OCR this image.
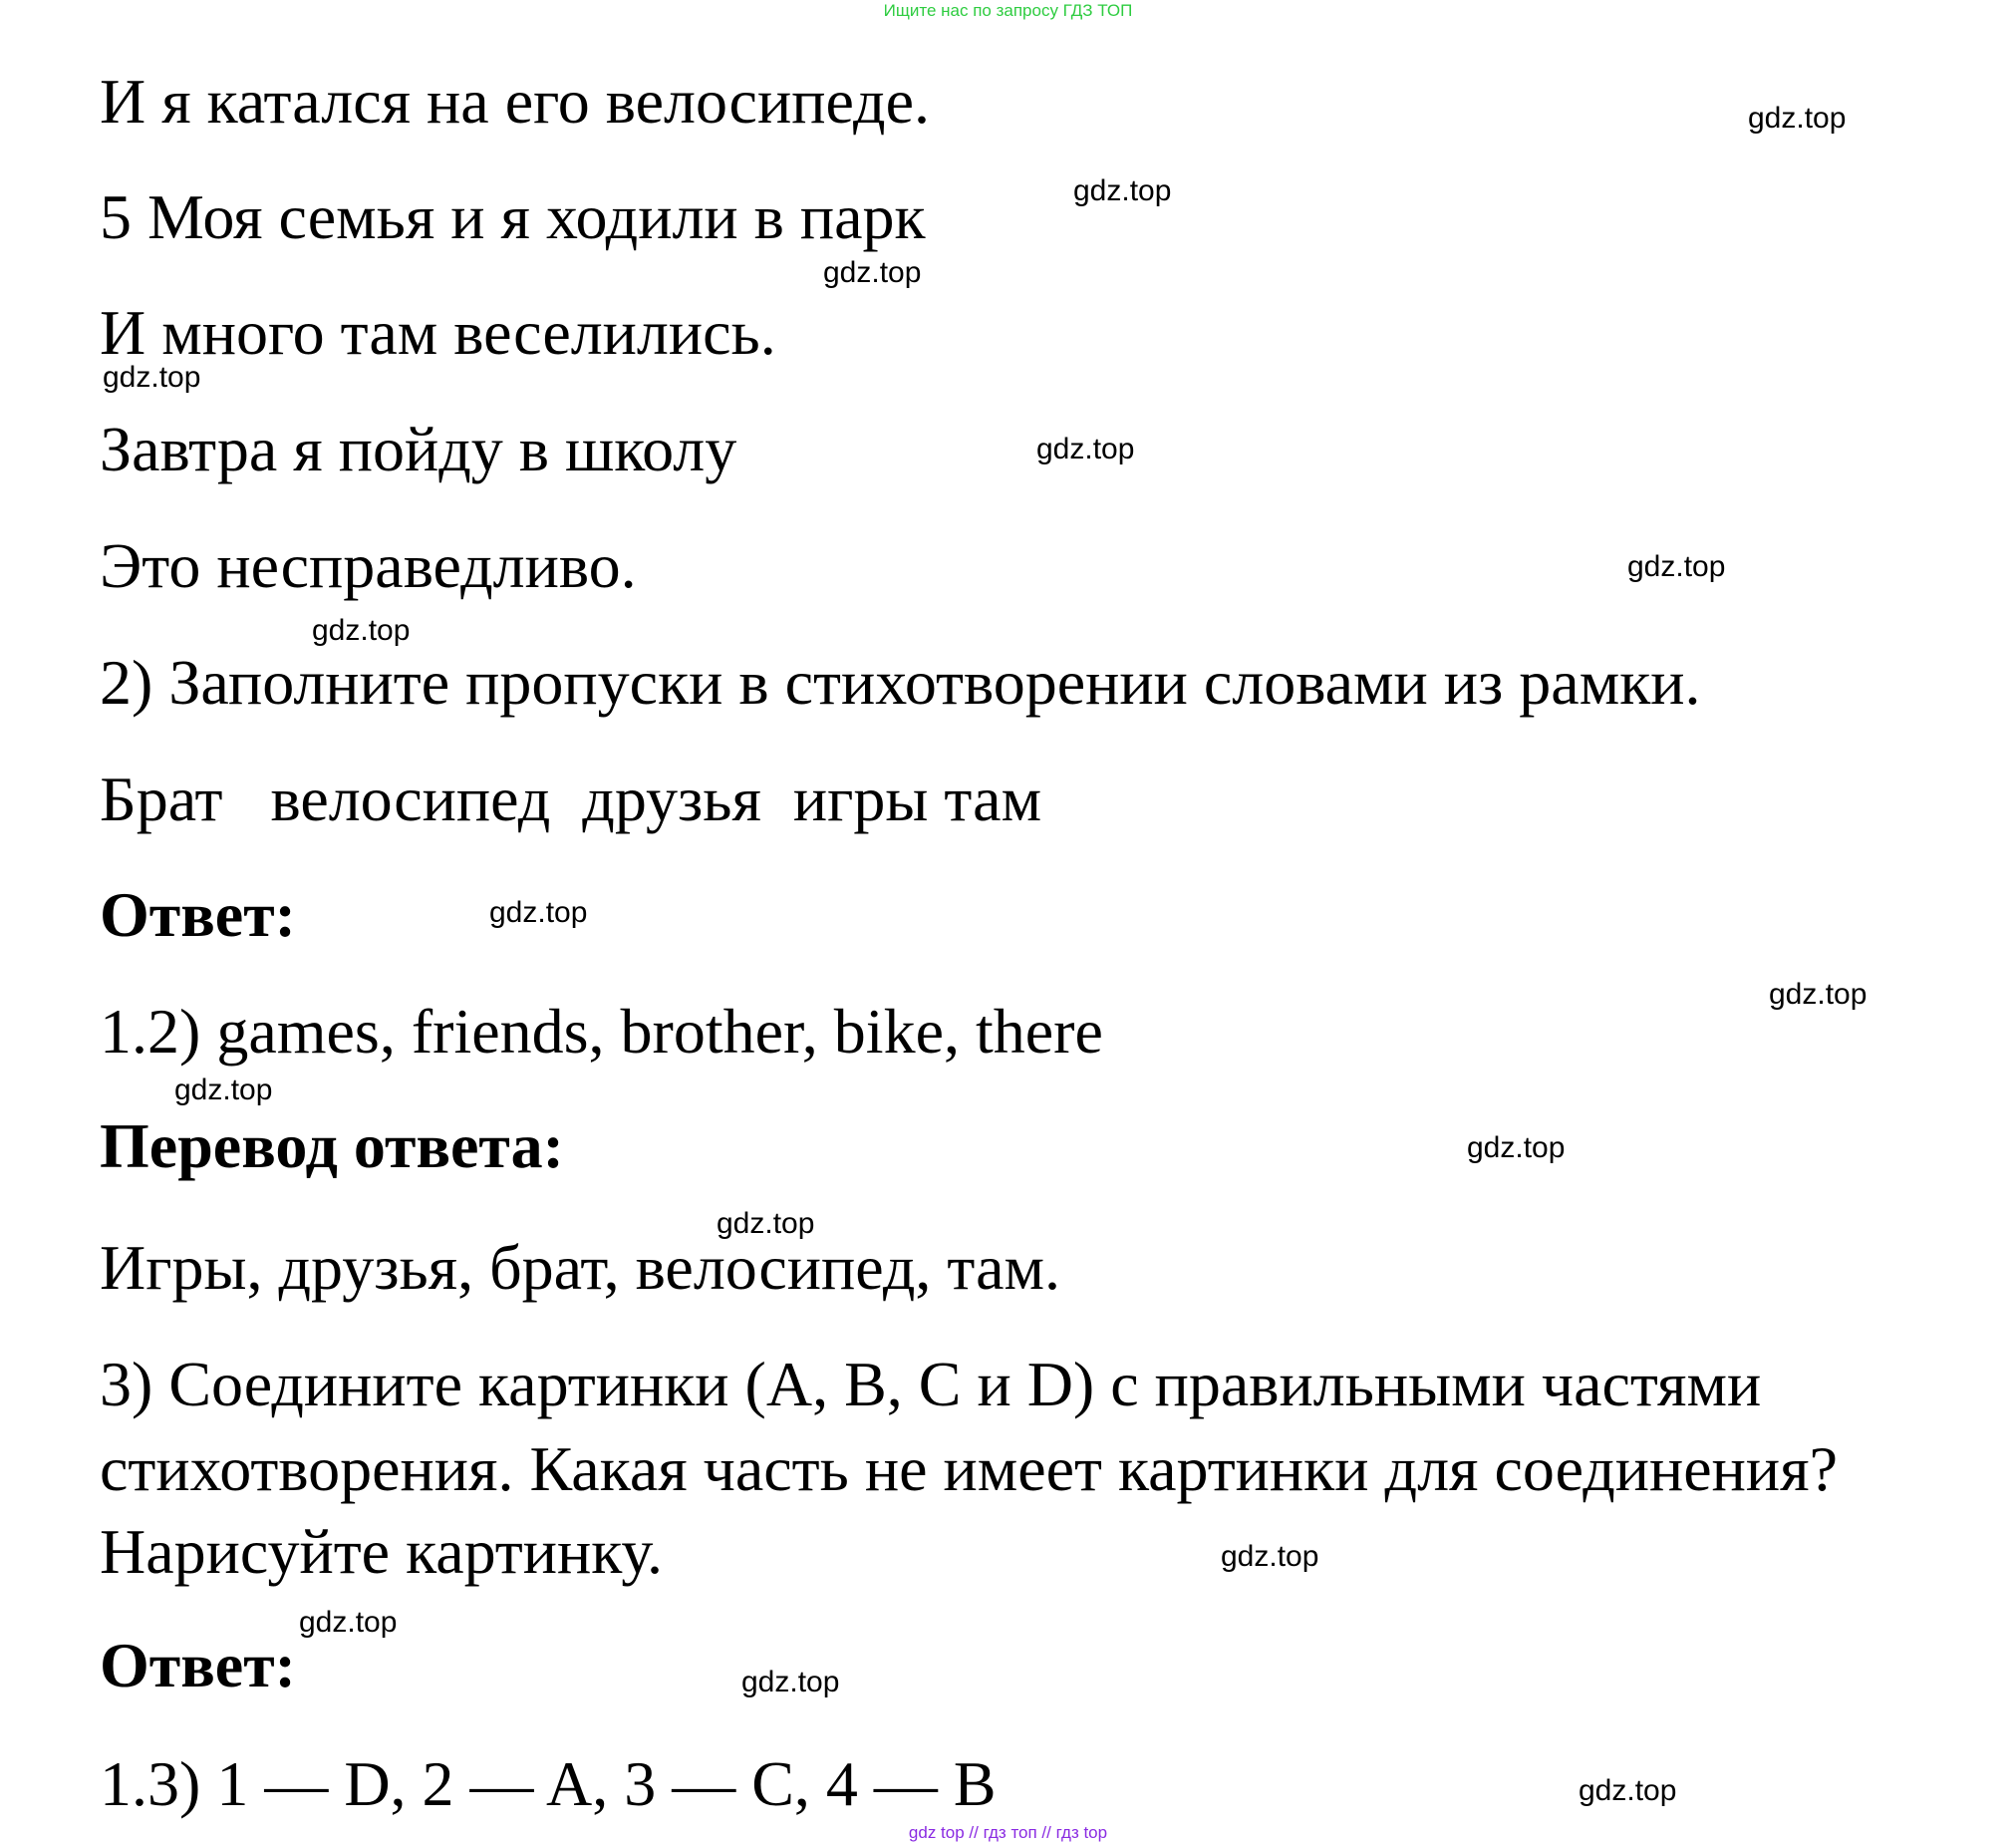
Ищите нас по запросу ГДЗ ТОП
И я катался на его велосипеде.
5 Моя семья и я ходили в парк
И много там веселились.
Завтра я пойду в школу
Это несправедливо.
2) Заполните пропуски в стихотворении словами из рамки.
Брат   велосипед  друзья  игры там
Ответ:
1.2) games, friends, brother, bike, there
Перевод ответа:
Игры, друзья, брат, велосипед, там.
3) Соедините картинки (A, B, C и D) с правильными частями
стихотворения. Какая часть не имеет картинки для соединения?
Нарисуйте картинку.
Ответ:
1.3) 1 — D, 2 — A, 3 — C, 4 — B
gdz.top
gdz.top
gdz.top
gdz.top
gdz.top
gdz.top
gdz.top
gdz.top
gdz.top
gdz.top
gdz.top
gdz.top
gdz.top
gdz.top
gdz.top
gdz.top
gdz top // гдз топ // гдз top
